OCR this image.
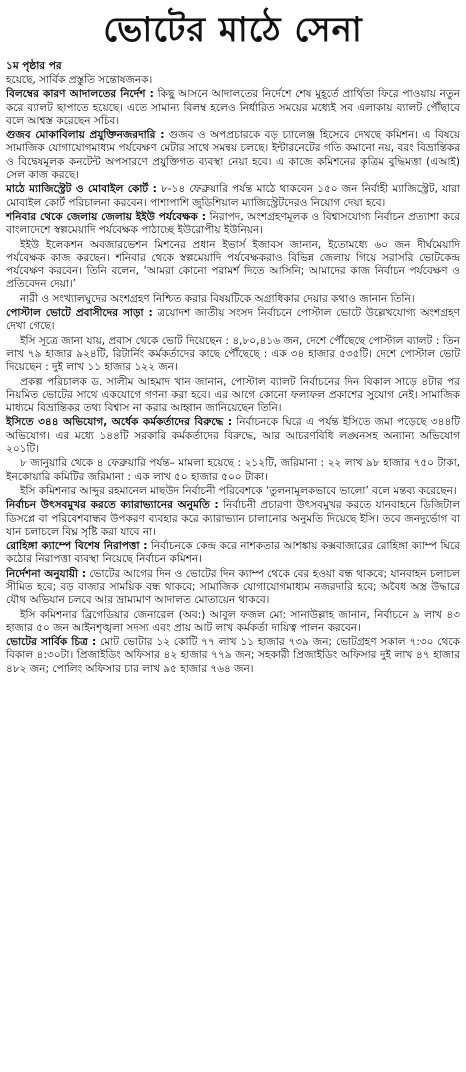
ভোটের মাঠে সেনা
১ম পৃষ্ঠার পর

হয়েছে, সার্বিক প্রস্তুতি সন্তোষজনক।

বিলম্বের কারণ আদালতের নির্দেশ : কিছু আসনে আদালতের নির্দেশে শেষ মুহূর্তে প্রার্থিতা ফিরে পাওয়ায় নতুন করে ব্যালট ছাপাতে হয়েছে। এতে সামান্য বিলম্ব হলেও নির্ধারিত সময়ের মধ্যেই সব এলাকায় ব্যালট পৌঁছাবে বলে আশ্বস্ত করেছেন সচিব।

গুজব মোকাবিলায় প্রযুক্তিনজরদারি : গুজব ও অপপ্রচারকে বড় চ্যালেঞ্জ হিসেবে দেখছে কমিশন। এ বিষয়ে সামাজিক যোগাযোগমাধ্যম পর্যবেক্ষণ মেটার সাথে সমন্বয় চলছে। ইন্টারনেটের গতি কমানো নয়, বরং বিভ্রান্তিকর ও বিদ্বেষমূলক কনটেন্ট অপসারণে প্রযুক্তিগত ব্যবস্থা নেয়া হবে। এ কাজে কমিশনের কৃত্রিম বুদ্ধিমত্তা (এআই) সেল কাজ করছে।

মাঠে ম্যাজিস্ট্রেট ও মোবাইল কোর্ট : ৮-১৪ ফেব্রুয়ারি পর্যন্ত মাঠে থাকবেন ১৫০ জন নির্বাহী ম্যাজিস্ট্রেট, যারা মোবাইল কোর্ট পরিচালনা করবেন। পাশাপাশি জুডিশিয়াল ম্যাজিস্ট্রেটদেরও নিয়োগ দেয়া হবে।

শনিবার থেকে জেলায় জেলায় ইইউ পর্যবেক্ষক : নিরাপদ, অংশগ্রহণমূলক ও বিশ্বাসযোগ্য নির্বাচন প্রত্যাশা করে বাংলাদেশে স্বল্পমেয়াদি পর্যবেক্ষক পাঠাচ্ছে ইউরোপীয় ইউনিয়ন।

ইইউ ইলেকশন অবজারভেশন মিশনের প্রধান ইভার্স ইজাবস জানান, ইতোমধ্যে ৬০ জন দীর্ঘমেয়াদি পর্যবেক্ষক কাজ করছেন। শনিবার থেকে স্বল্পমেয়াদি পর্যবেক্ষকরাও বিভিন্ন জেলায় গিয়ে সরাসরি ভোটকেন্দ্র পর্যবেক্ষণ করবেন। তিনি বলেন, ‘আমরা কোনো পরামর্শ দিতে আসিনি; আমাদের কাজ নির্বাচন পর্যবেক্ষণ ও প্রতিবেদন দেয়া।’

নারী ও সংখ্যালঘুদের অংশগ্রহণ নিশ্চিত করার বিষয়টিকে অগ্রাধিকার দেয়ার কথাও জানান তিনি।

পোস্টাল ভোটে প্রবাসীদের সাড়া : ত্রয়োদশ জাতীয় সংসদ নির্বাচনে পোস্টাল ভোটে উল্লেখযোগ্য অংশগ্রহণ দেখা গেছে।

ইসি সূত্রে জানা যায়, প্রবাস থেকে ভোট দিয়েছেন : ৪,৮০,৪১৬ জন, দেশে পৌঁছেছে পোস্টাল ব্যালট : তিন লাখ ৭৯ হাজার ৯২৪টি, রিটার্নিং কর্মকর্তাদের কাছে পৌঁছেছে : এক ৩৪ হাজার ৫৩৫টি। দেশে পোস্টাল ভোট দিয়েছেন : দুই লাখ ১১ হাজার ১২২ জন।

প্রকল্প পরিচালক ড. সালীম আহমাদ খান জানান, পোস্টাল ব্যালট নির্বাচনের দিন বিকাল সাড়ে ৪টার পর নিয়মিত ভোটের সাথে একযোগে গণনা করা হবে। এর আগে কোনো ফলাফল প্রকাশের সুযোগ নেই। সামাজিক মাধ্যমে বিভ্রান্তিকর তথ্য বিশ্বাস না করার আহ্বান জানিয়েছেন তিনি।

ইসিতে ৩৪৪ অভিযোগ, অর্ধেক কর্মকর্তাদের বিরুদ্ধে : নির্বাচনকে ঘিরে এ পর্যন্ত ইসিতে জমা পড়েছে ৩৪৪টি অভিযোগ। এর মধ্যে ১৪৪টি সরকারি কর্মকর্তাদের বিরুদ্ধে, আর আচরণবিধি লঙ্ঘনসহ অন্যান্য অভিযোগ ২০১টি।

৮ জানুয়ারি থেকে ৪ ফেব্রুয়ারি পর্যন্ত– মামলা হয়েছে : ২১২টি, জরিমানা : ২২ লাখ ৯৮ হাজার ৭৫০ টাকা, ইনকোয়ারি কমিটির জরিমানা : এক লাখ ৫০ হাজার ৫০০ টাকা।

ইসি কমিশনার আব্দুর রহমানেল মাছউদ নির্বাচনী পরিবেশকে ‘তুলনামূলকভাবে ভালো’ বলে মন্তব্য করেছেন।

নির্বাচন উৎসবমুখর করতে ক্যারাভ্যানের অনুমতি : নির্বাচনী প্রচারণা উৎসবমুখর করতে যানবাহনে ডিজিটাল ডিসপ্লে বা পরিবেশবান্ধব উপকরণ ব্যবহার করে ক্যারাভ্যান চালানোর অনুমতি দিয়েছে ইসি। তবে জনদুর্ভোগ বা যান চলাচলে বিঘ্ন সৃষ্টি করা যাবে না।

রোহিঙ্গা ক্যাম্পে বিশেষ নিরাপত্তা : নির্বাচনকে কেন্দ্র করে নাশকতার আশঙ্কায় কক্সবাজারের রোহিঙ্গা ক্যাম্প ঘিরে কঠোর নিরাপত্তা ব্যবস্থা নিয়েছে নির্বাচন কমিশন।

নির্দেশনা অনুযায়ী : ভোটের আগের দিন ও ভোটের দিন ক্যাম্প থেকে বের হওয়া বন্ধ থাকবে; যানবাহন চলাচল সীমিত হবে; বড় বাজার সাময়িক বন্ধ থাকবে; সামাজিক যোগাযোগমাধ্যম নজরদারি হবে; অবৈধ অস্ত্র উদ্ধারে যৌথ অভিযান চলবে আর ভ্রাম্যমাণ আদালত মোতায়েন থাকবে।

ইসি কমিশনার ব্রিগেডিয়ার জেনারেল (অব:) আবুল ফজল মো: সানাউল্লাহ জানান, নির্বাচনে ৯ লাখ ৪৩ হাজার ৫০ জন আইনশৃঙ্খলা সদস্য এবং প্রায় আট লাখ কর্মকর্তা দায়িত্ব পালন করবেন।

ভোটের সার্বিক চিত্র : মোট ভোটার ১২ কোটি ৭৭ লাখ ১১ হাজার ৭৩৯ জন; ভোটগ্রহণ সকাল ৭:৩০ থেকে বিকাল ৪:৩০টা। প্রিজাইডিং অফিসার ৪২ হাজার ৭৭৯ জন; সহকারী প্রিজাইডিং অফিসার দুই লাখ ৪৭ হাজার ৪৮২ জন; পোলিং অফিসার চার লাখ ৯৫ হাজার ৭৬৪ জন।
